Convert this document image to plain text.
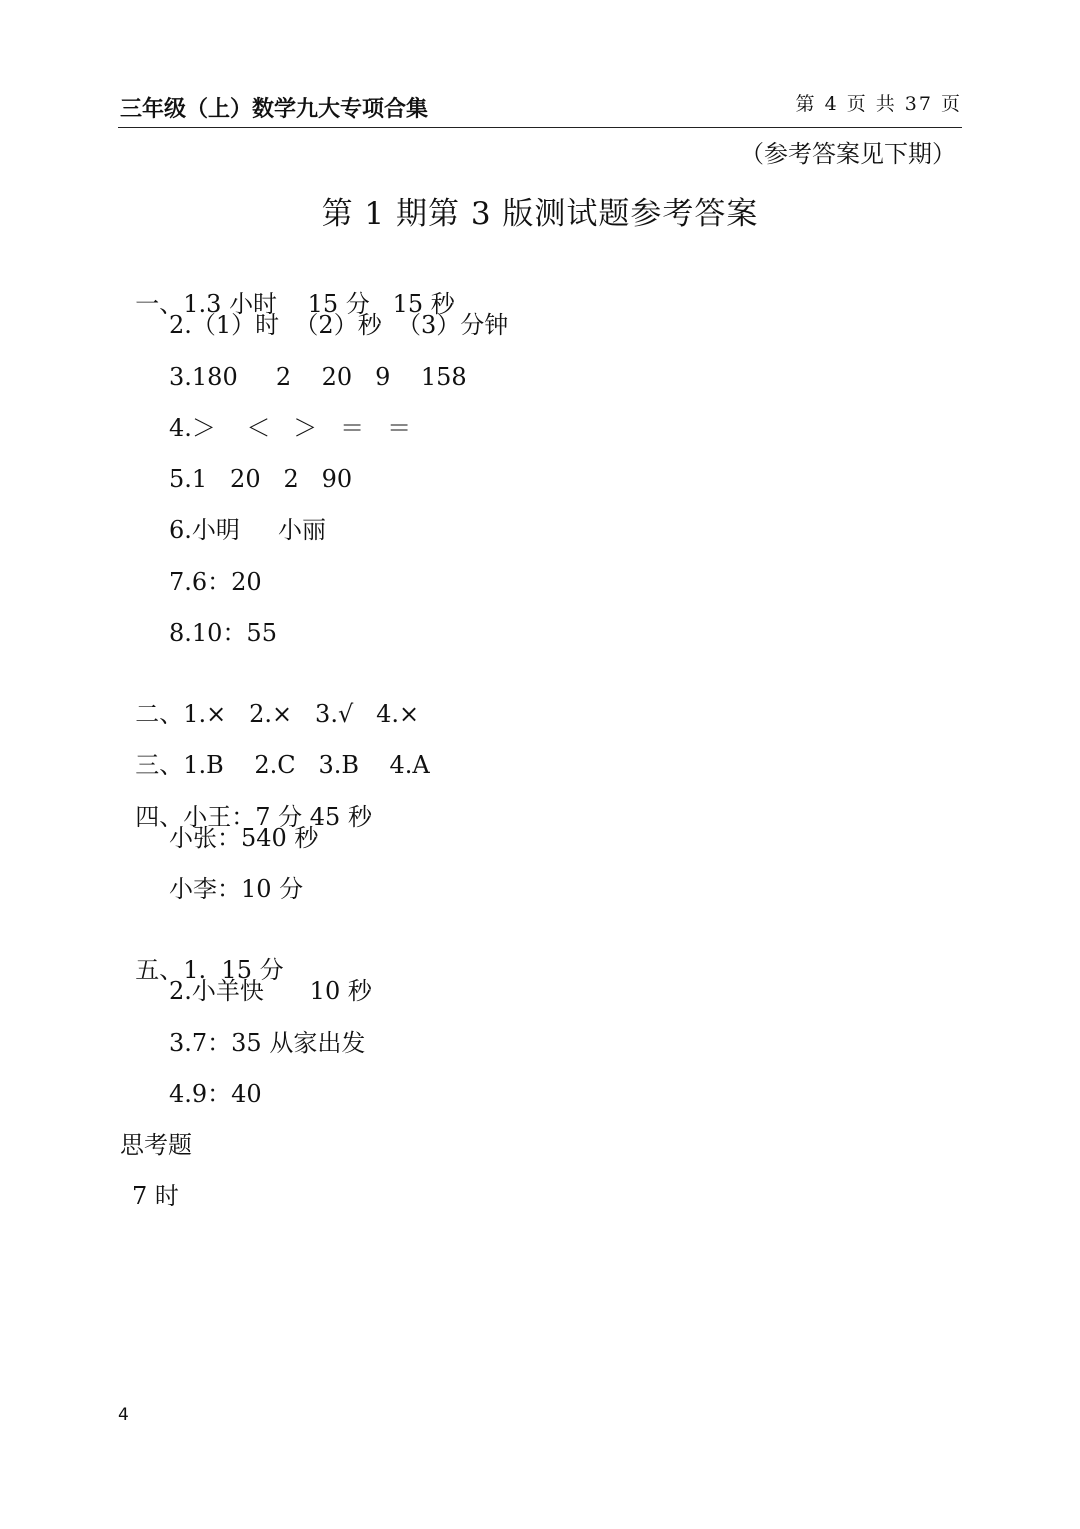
三年级（上）数学九大专项合集	第 4 页 共 37 页
（参考答案见下期）
第 1 期第 3 版测试题参考答案

一、1.3 小时    15 分   15 秒

2.（1）时  （2）秒  （3）分钟
3.180     2    20   9    158
4.＞    ＜   ＞   ＝   ＝
5.1   20   2   90
6.小明     小丽
7.6：20
8.10：55

二、1.×   2.×   3.√   4.×

三、1.B    2.C   3.B    4.A

四、小王：7 分 45 秒

小张：540 秒
小李：10 分

五、1.  15 分

2.小羊快      10 秒
3.7：35 从家出发
4.9：40
思考题
7 时
4
